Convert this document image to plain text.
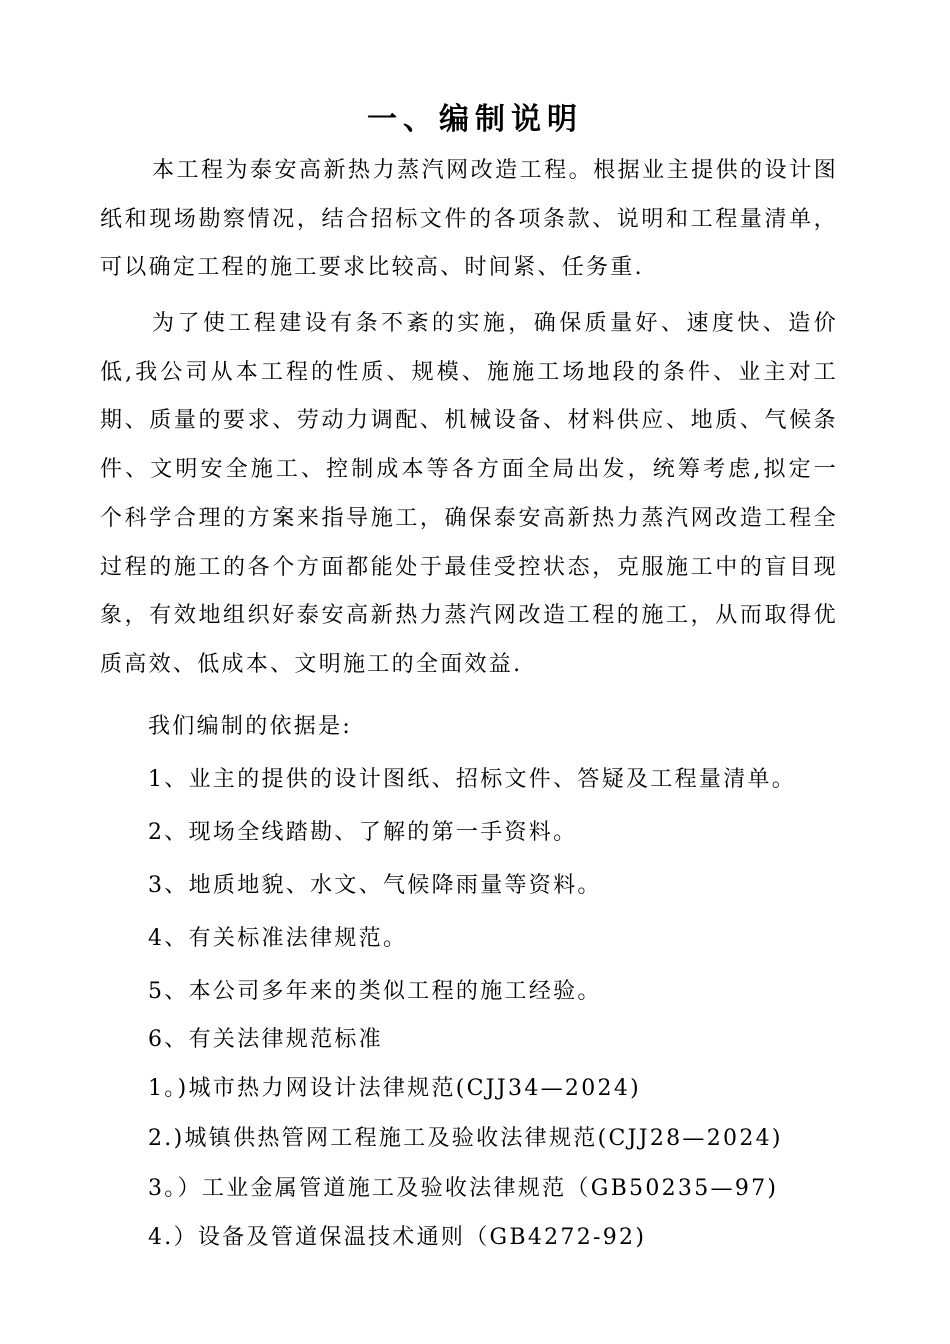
一、编制说明

本工程为泰安高新热力蒸汽网改造工程。根据业主提供的设计图纸和现场勘察情况，结合招标文件的各项条款、说明和工程量清单，可以确定工程的施工要求比较高、时间紧、任务重.

为了使工程建设有条不紊的实施，确保质量好、速度快、造价低,我公司从本工程的性质、规模、施施工场地段的条件、业主对工期、质量的要求、劳动力调配、机械设备、材料供应、地质、气候条件、文明安全施工、控制成本等各方面全局出发，统筹考虑,拟定一个科学合理的方案来指导施工，确保泰安高新热力蒸汽网改造工程全过程的施工的各个方面都能处于最佳受控状态，克服施工中的盲目现象，有效地组织好泰安高新热力蒸汽网改造工程的施工，从而取得优质高效、低成本、文明施工的全面效益.

我们编制的依据是:

1、业主的提供的设计图纸、招标文件、答疑及工程量清单。

2、现场全线踏勘、了解的第一手资料。

3、地质地貌、水文、气候降雨量等资料。

4、有关标准法律规范。

5、本公司多年来的类似工程的施工经验。

6、有关法律规范标准

1。)城市热力网设计法律规范(CJJ34—2024)

2.)城镇供热管网工程施工及验收法律规范(CJJ28—2024)

3。）工业金属管道施工及验收法律规范（GB50235—97)

4.）设备及管道保温技术通则（GB4272-92)
